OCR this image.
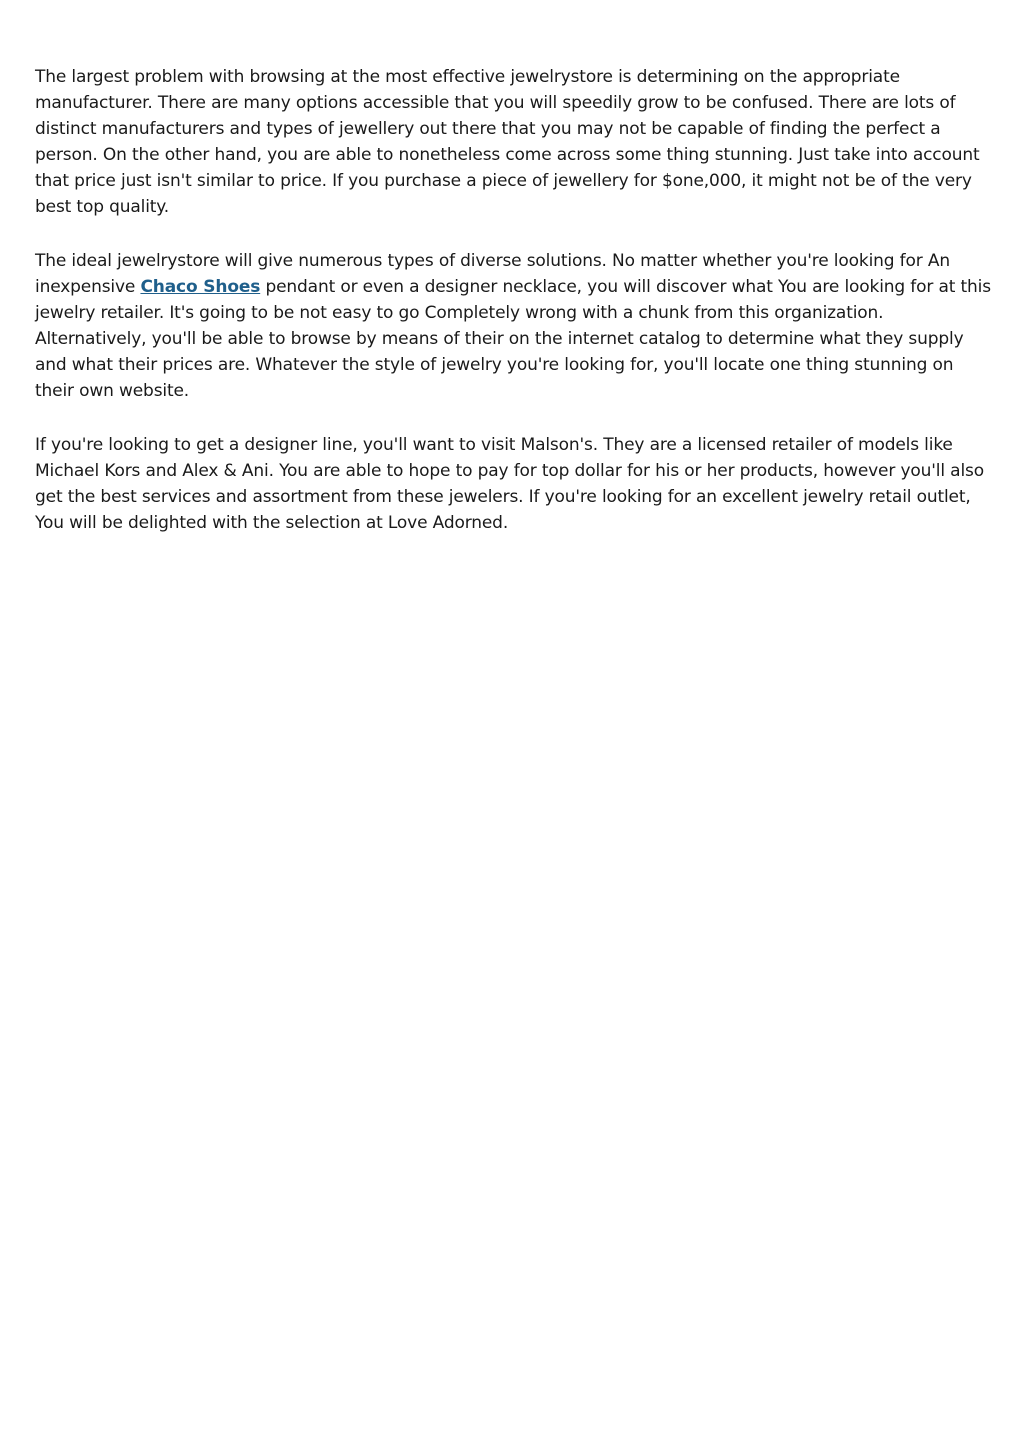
The largest problem with browsing at the most effective jewelrystore is determining on the appropriate manufacturer. There are many options accessible that you will speedily grow to be confused. There are lots of distinct manufacturers and types of jewellery out there that you may not be capable of finding the perfect a person. On the other hand, you are able to nonetheless come across some thing stunning. Just take into account that price just isn't similar to price. If you purchase a piece of jewellery for $one,000, it might not be of the very best top quality.

The ideal jewelrystore will give numerous types of diverse solutions. No matter whether you're looking for An inexpensive Chaco Shoes pendant or even a designer necklace, you will discover what You are looking for at this jewelry retailer. It's going to be not easy to go Completely wrong with a chunk from this organization. Alternatively, you'll be able to browse by means of their on the internet catalog to determine what they supply and what their prices are. Whatever the style of jewelry you're looking for, you'll locate one thing stunning on their own website.

If you're looking to get a designer line, you'll want to visit Malson's. They are a licensed retailer of models like Michael Kors and Alex & Ani. You are able to hope to pay for top dollar for his or her products, however you'll also get the best services and assortment from these jewelers. If you're looking for an excellent jewelry retail outlet, You will be delighted with the selection at Love Adorned.
